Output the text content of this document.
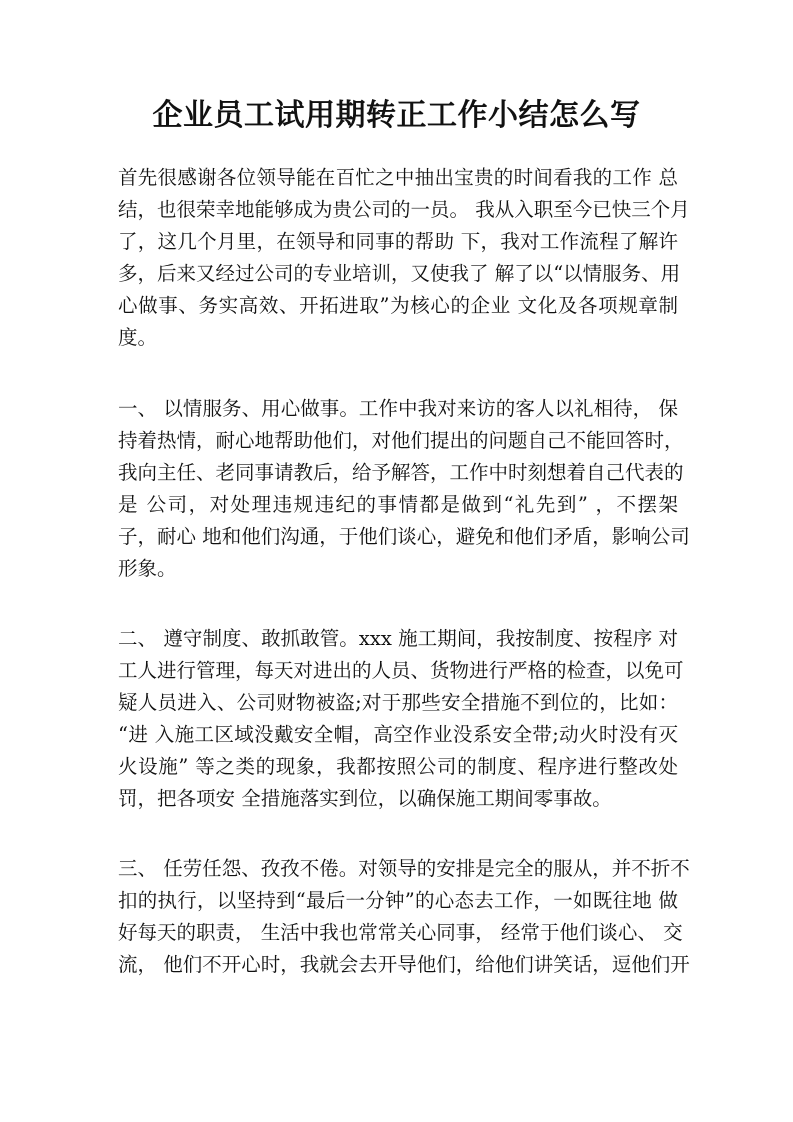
企业员工试用期转正工作小结怎么写
首先很感谢各位领导能在百忙之中抽出宝贵的时间看我的工作 总
结，也很荣幸地能够成为贵公司的一员。 我从入职至今已快三个月
了，这几个月里，在领导和同事的帮助 下，我对工作流程了解许
多，后来又经过公司的专业培训，又使我了 解了以“以情服务、用
心做事、务实高效、开拓进取”为核心的企业 文化及各项规章制
度。
一、 以情服务、用心做事。工作中我对来访的客人以礼相待， 保
持着热情，耐心地帮助他们，对他们提出的问题自己不能回答时，
我向主任、老同事请教后，给予解答，工作中时刻想着自己代表的
是 公司，对处理违规违纪的事情都是做到“礼先到” ，不摆架
子，耐心 地和他们沟通，于他们谈心，避免和他们矛盾，影响公司
形象。
二、 遵守制度、敢抓敢管。xxx 施工期间，我按制度、按程序 对
工人进行管理，每天对进出的人员、货物进行严格的检查，以免可
疑人员进入、公司财物被盗;对于那些安全措施不到位的，比如：
“进 入施工区域没戴安全帽，高空作业没系安全带;动火时没有灭
火设施” 等之类的现象，我都按照公司的制度、程序进行整改处
罚，把各项安 全措施落实到位，以确保施工期间零事故。
三、 任劳任怨、孜孜不倦。对领导的安排是完全的服从，并不折不
扣的执行，以坚持到“最后一分钟”的心态去工作，一如既往地 做
好每天的职责， 生活中我也常常关心同事， 经常于他们谈心、 交
流， 他们不开心时，我就会去开导他们，给他们讲笑话，逗他们开
